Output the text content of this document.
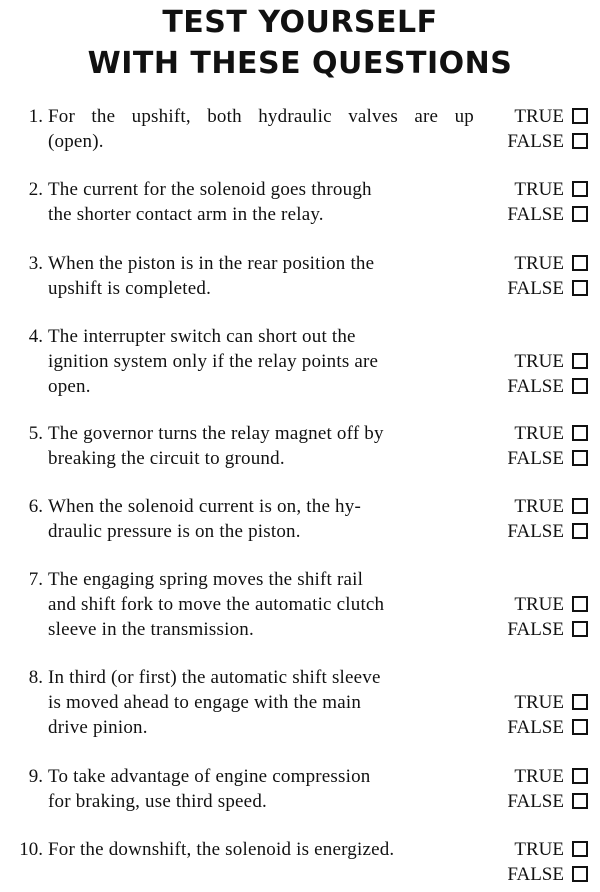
TEST YOURSELF
WITH THESE QUESTIONS
1. For the upshift, both hydraulic valves are up
(open).
TRUE
FALSE
2. The current for the solenoid goes through
the shorter contact arm in the relay.
TRUE
FALSE
3. When the piston is in the rear position the
upshift is completed.
TRUE
FALSE
4. The interrupter switch can short out the
ignition system only if the relay points are
open.
TRUE
FALSE
5. The governor turns the relay magnet off by
breaking the circuit to ground.
TRUE
FALSE
6. When the solenoid current is on, the hy-
draulic pressure is on the piston.
TRUE
FALSE
7. The engaging spring moves the shift rail
and shift fork to move the automatic clutch
sleeve in the transmission.
TRUE
FALSE
8. In third (or first) the automatic shift sleeve
is moved ahead to engage with the main
drive pinion.
TRUE
FALSE
9. To take advantage of engine compression
for braking, use third speed.
TRUE
FALSE
10. For the downshift, the solenoid is energized.	TRUE
FALSE
